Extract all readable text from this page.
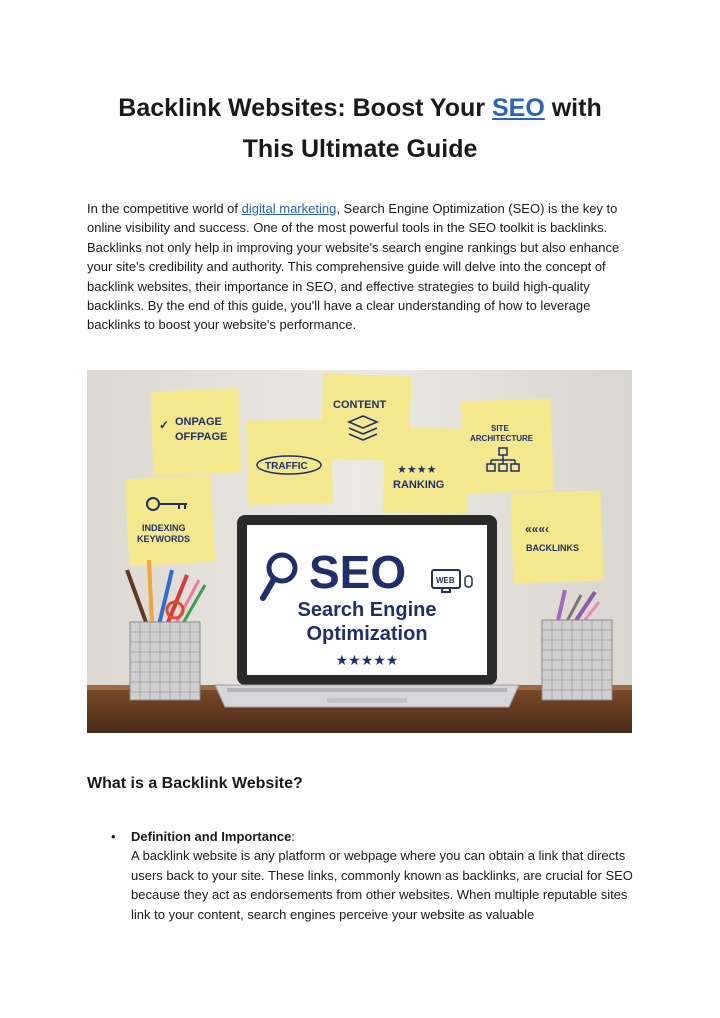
Backlink Websites: Boost Your SEO with
This Ultimate Guide
In the competitive world of digital marketing, Search Engine Optimization (SEO) is the key to online visibility and success. One of the most powerful tools in the SEO toolkit is backlinks. Backlinks not only help in improving your website's search engine rankings but also enhance your site's credibility and authority. This comprehensive guide will delve into the concept of backlink websites, their importance in SEO, and effective strategies to build high-quality backlinks. By the end of this guide, you'll have a clear understanding of how to leverage backlinks to boost your website's performance.
✓ ONPAGE
OFFPAGE
CONTENT
SITE
ARCHITECTURE
TRAFFIC	★★★★
RANKING
INDEXING
KEYWORDS
«««‹
BACKLINKS
SEO	WEB
Search Engine
Optimization
★★★★★
What is a Backlink Website?
• Definition and Importance:
A backlink website is any platform or webpage where you can obtain a link that directs users back to your site. These links, commonly known as backlinks, are crucial for SEO because they act as endorsements from other websites. When multiple reputable sites link to your content, search engines perceive your website as valuable
